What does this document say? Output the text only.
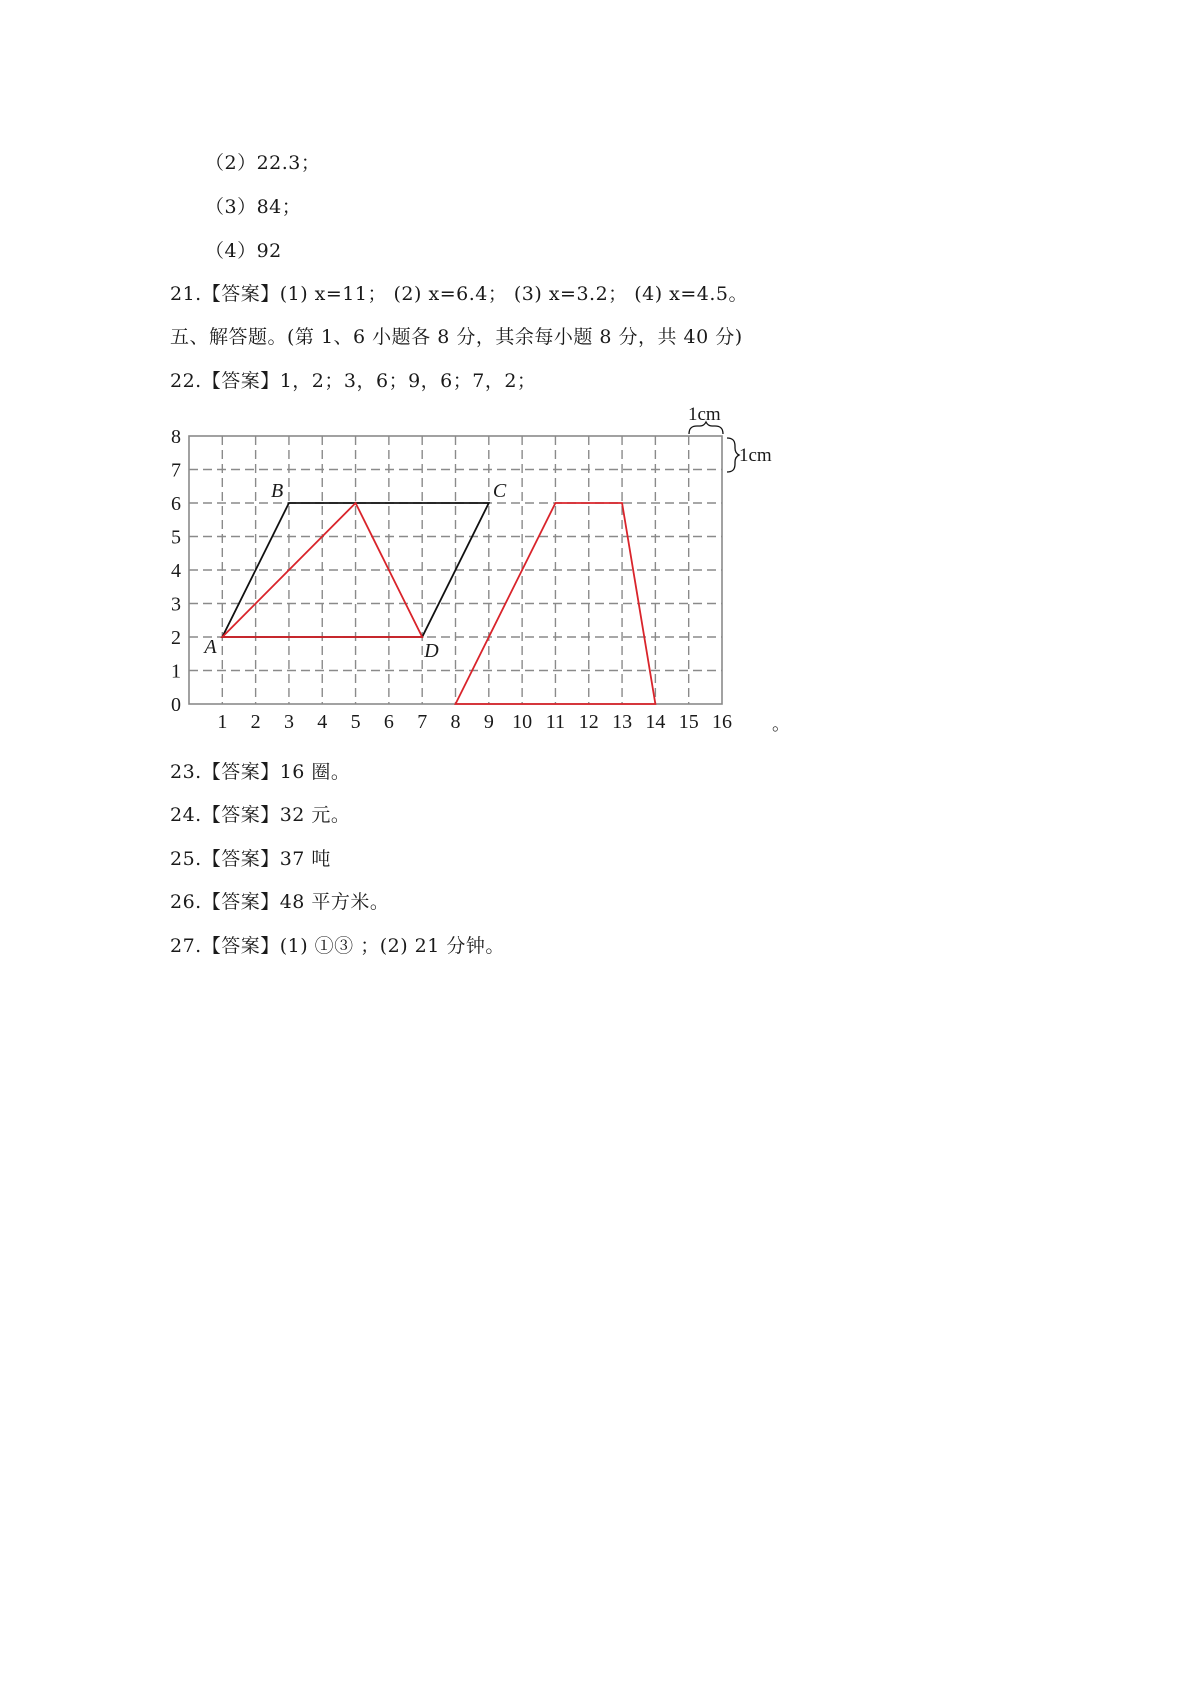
（2）22.3；
（3）84；
（4）92
21.【答案】(1) x=11； (2) x=6.4； (3) x=3.2； (4) x=4.5。
五、解答题。(第 1、6 小题各 8 分，其余每小题 8 分，共 40 分)
22.【答案】1，2；3，6；9，6；7，2；
1 2 3 4 5 6 7 8 9 10 11 12 13 14 15 16
0
1
2
3
4
5
6
7
8
A
B	C
D
1cm
1cm
。
23.【答案】16 圈。
24.【答案】32 元。
25.【答案】37 吨
26.【答案】48 平方米。
27.【答案】(1) ①③ ；(2) 21 分钟。
